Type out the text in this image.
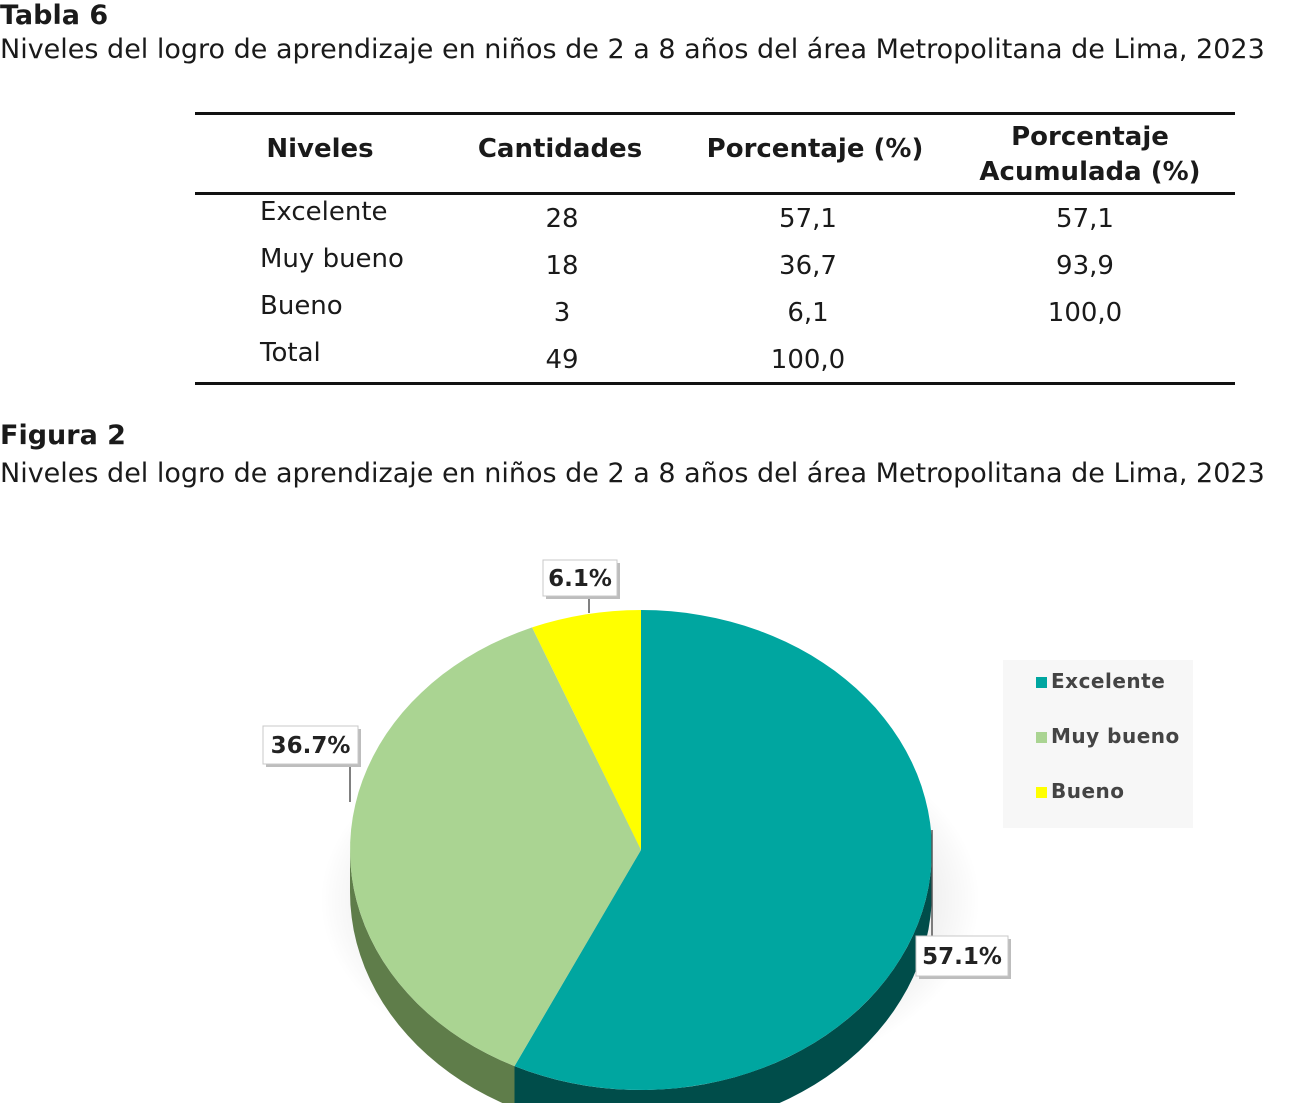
Tabla 6
Niveles del logro de aprendizaje en niños de 2 a 8 años del área Metropolitana de Lima, 2023
Niveles	Cantidades	Porcentaje (%)	Porcentaje
Acumulada (%)
Excelente	28	57,1	57,1
Muy bueno	18	36,7	93,9
Bueno	3	6,1	100,0
Total	49	100,0
Figura 2
Niveles del logro de aprendizaje en niños de 2 a 8 años del área Metropolitana de Lima, 2023
57.1%
36.7%
6.1%
Excelente
Muy bueno
Bueno
